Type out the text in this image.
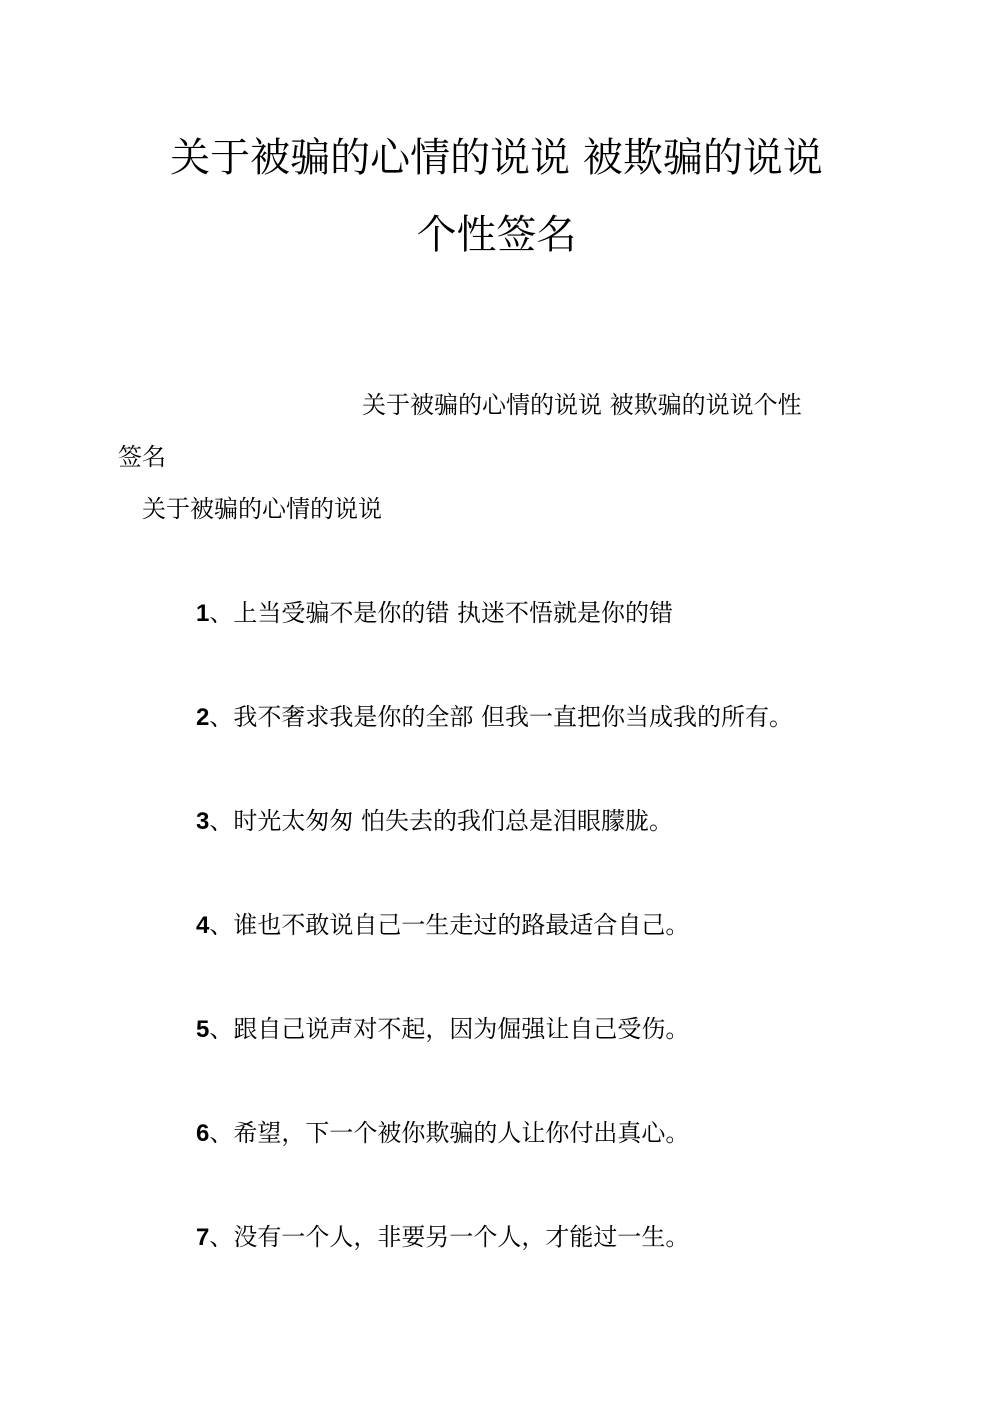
关于被骗的心情的说说 被欺骗的说说
个性签名
关于被骗的心情的说说 被欺骗的说说个性
签名
关于被骗的心情的说说
1、上当受骗不是你的错 执迷不悟就是你的错
2、我不奢求我是你的全部 但我一直把你当成我的所有。
3、时光太匆匆 怕失去的我们总是泪眼朦胧。
4、谁也不敢说自己一生走过的路最适合自己。
5、跟自己说声对不起，因为倔强让自己受伤。
6、希望，下一个被你欺骗的人让你付出真心。
7、没有一个人，非要另一个人，才能过一生。
